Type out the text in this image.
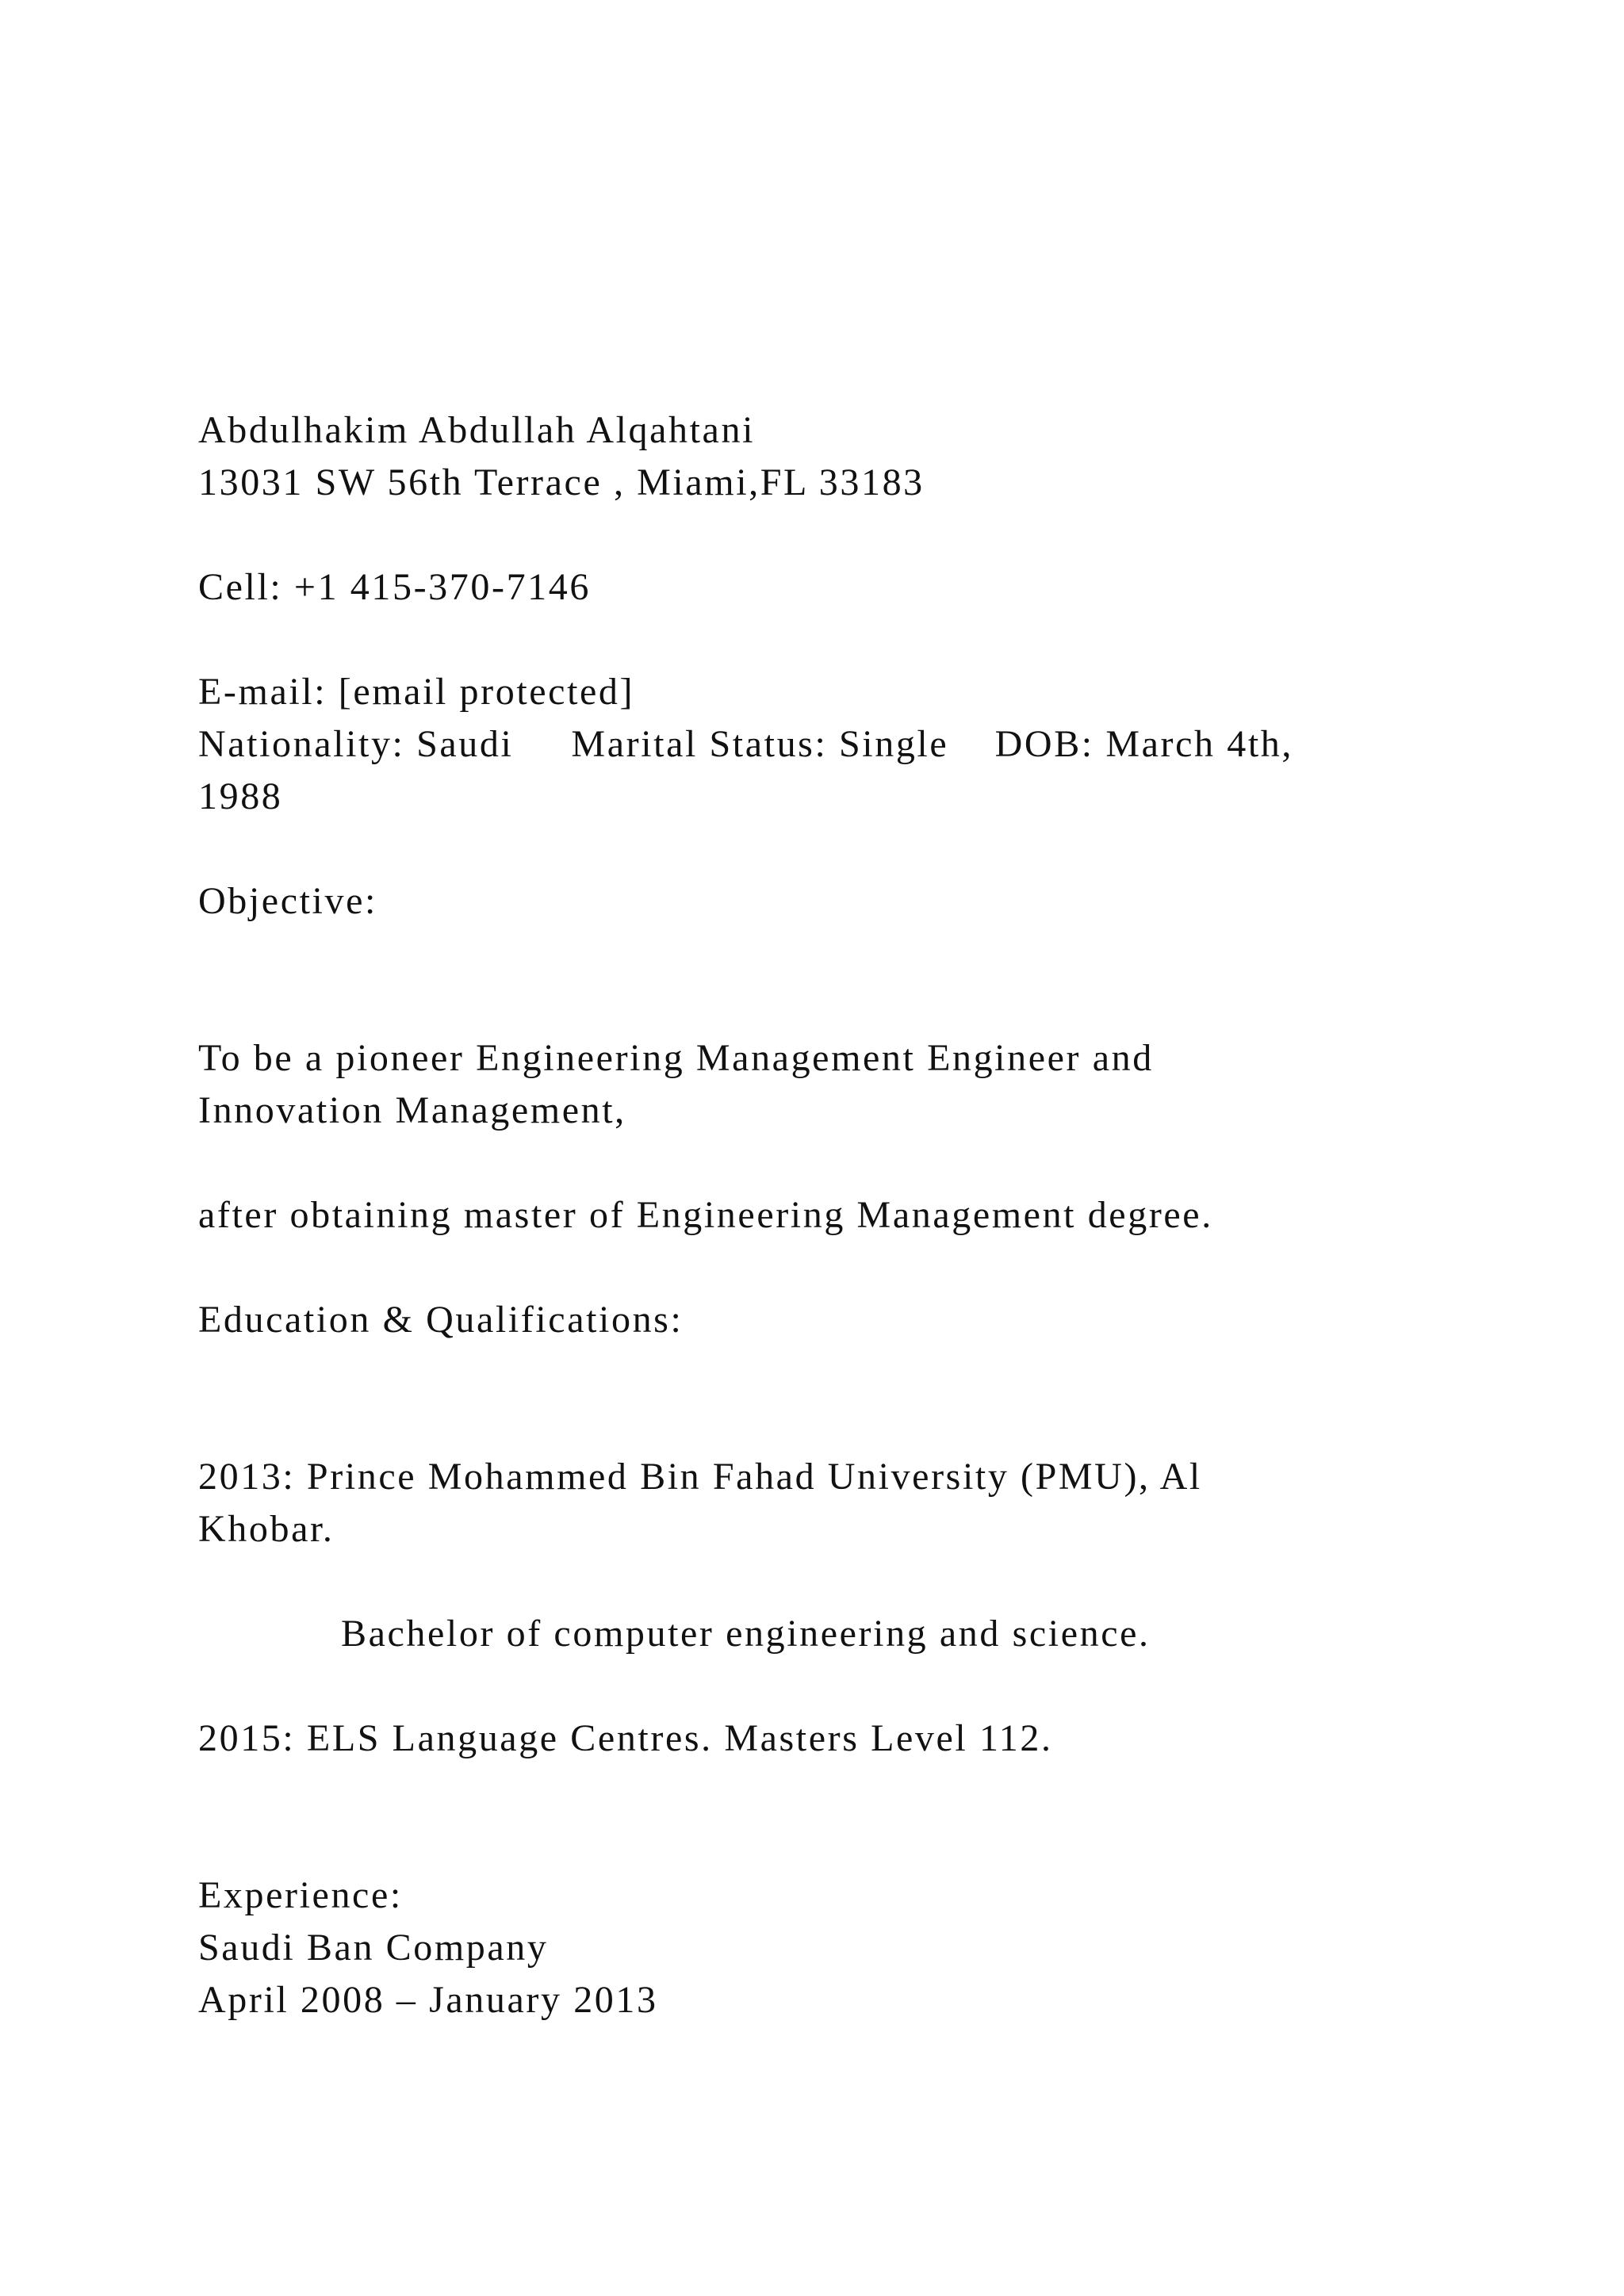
Abdulhakim Abdullah Alqahtani

13031 SW 56th Terrace , Miami,FL 33183

Cell: +1 415-370-7146

E-mail: [email protected]

Nationality: Saudi     Marital Status: Single    DOB: March 4th,

1988

Objective:

To be a pioneer Engineering Management Engineer and

Innovation Management,

after obtaining master of Engineering Management degree.

Education & Qualifications:

2013: Prince Mohammed Bin Fahad University (PMU), Al

Khobar.

Bachelor of computer engineering and science.

2015: ELS Language Centres. Masters Level 112.

Experience:

Saudi Ban Company

April 2008 – January 2013
